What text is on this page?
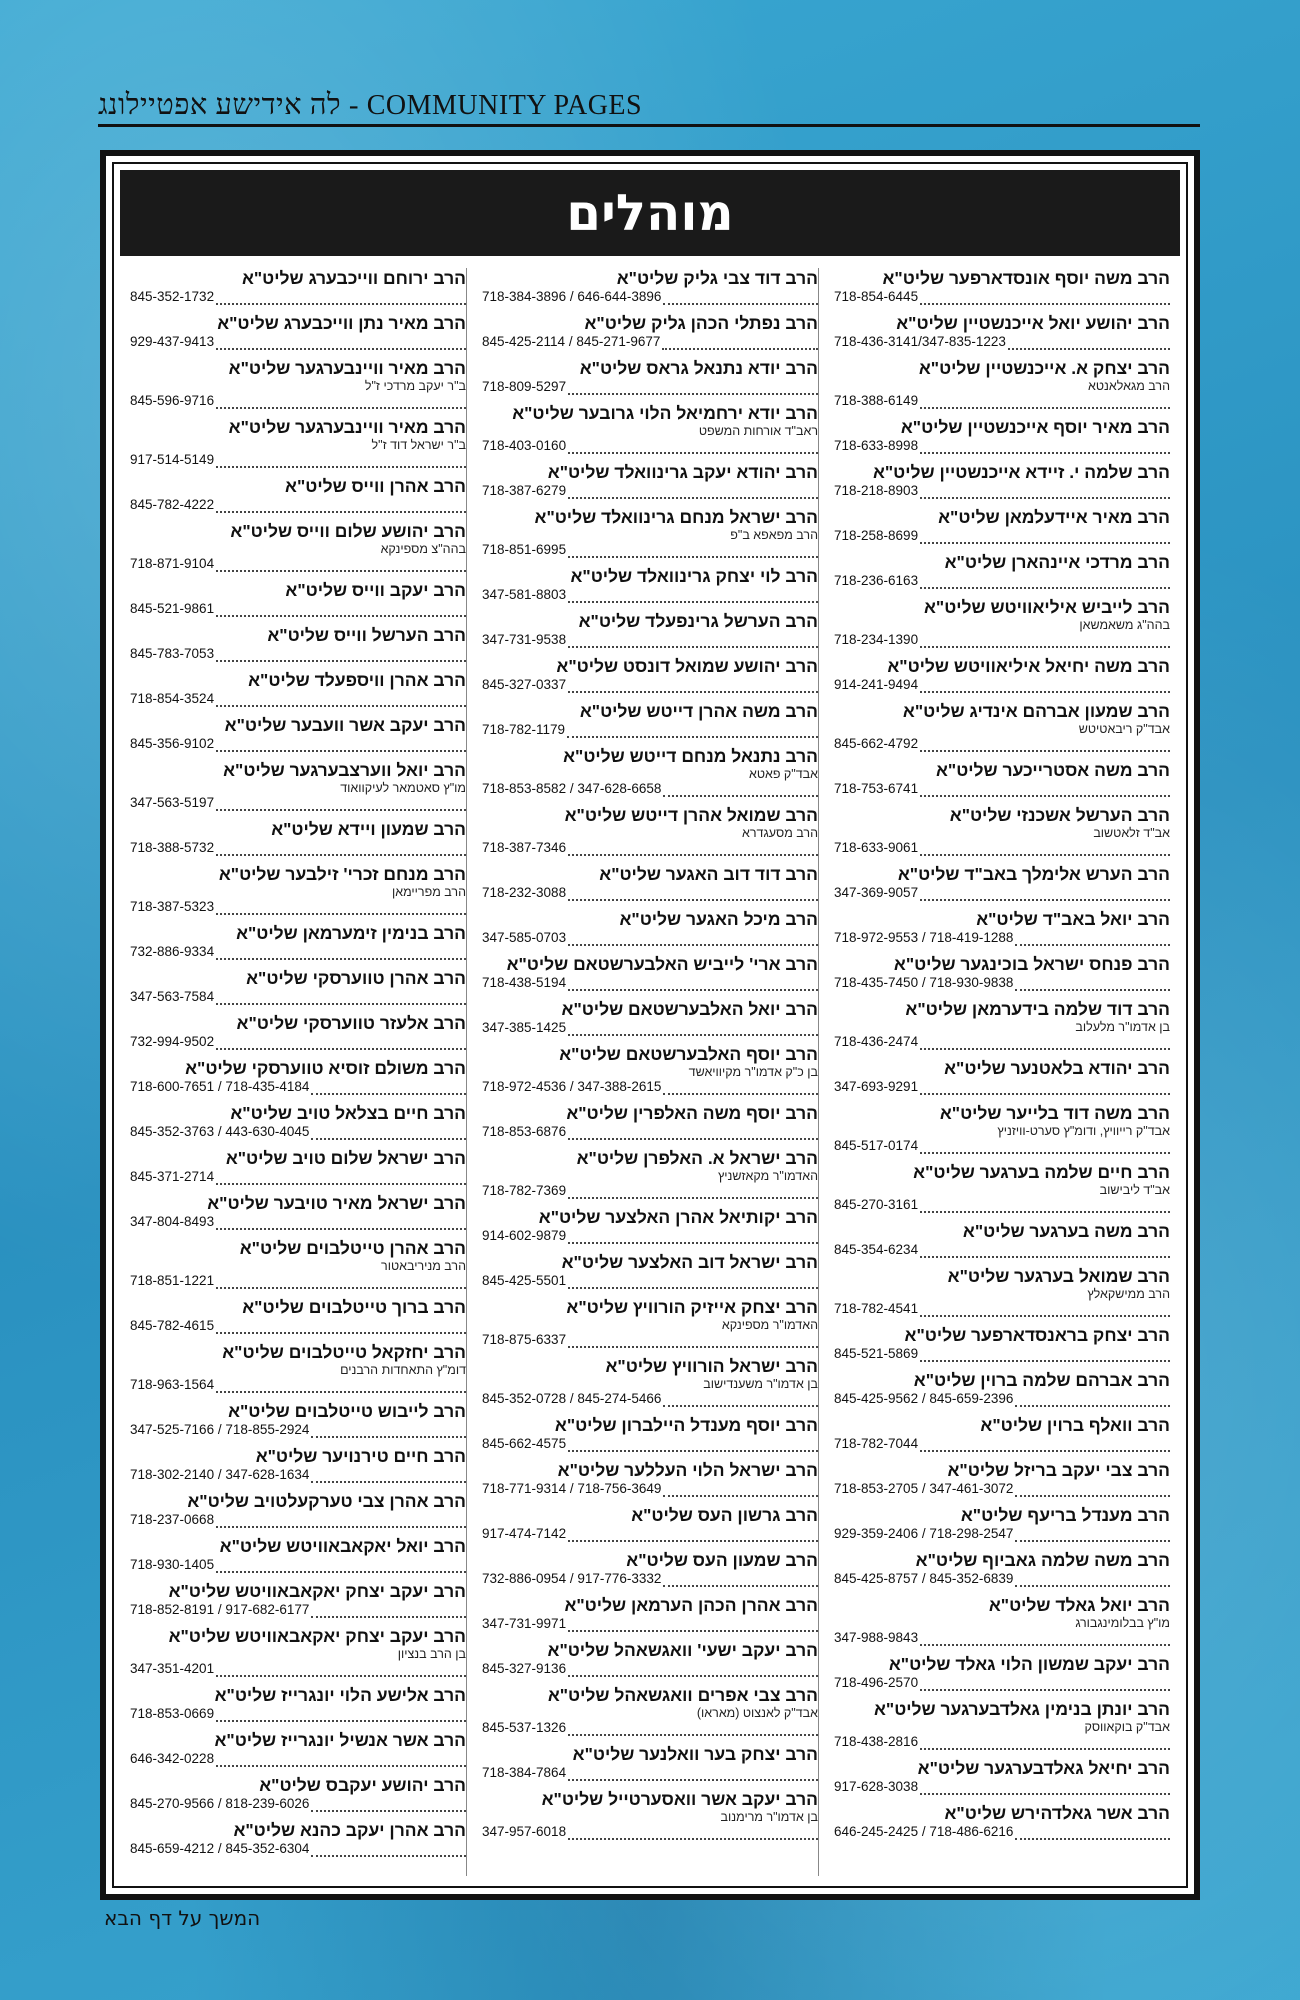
לה אידישע אפטיילונג - COMMUNITY PAGES
מוהלים
הרב משה יוסף אונסדארפער שליט"א
718-854-6445
הרב יהושע יואל אייכנשטיין שליט"א
718-436-3141/347-835-1223
הרב יצחק א. אייכנשטיין שליט"א
הרב מגאלאנטא
718-388-6149
הרב מאיר יוסף אייכנשטיין שליט"א
718-633-8998
הרב שלמה י. זיידא אייכנשטיין שליט"א
718-218-8903
הרב מאיר איידעלמאן שליט"א
718-258-8699
הרב מרדכי איינהארן שליט"א
718-236-6163
הרב לייביש איליאוויטש שליט"א
בהה"ג משאמשאן
718-234-1390
הרב משה יחיאל איליאוויטש שליט"א
914-241-9494
הרב שמעון אברהם אינדיג שליט"א
אבד"ק ריבאטיטש
845-662-4792
הרב משה אסטרייכער שליט"א
718-753-6741
הרב הערשל אשכנזי שליט"א
אב"ד זלאטשוב
718-633-9061
הרב הערש אלימלך באב"ד שליט"א
347-369-9057
הרב יואל באב"ד שליט"א
718-972-9553 / 718-419-1288
הרב פנחס ישראל בוכינגער שליט"א
718-435-7450 / 718-930-9838
הרב דוד שלמה בידערמאן שליט"א
בן אדמו"ר מלעלוב
718-436-2474
הרב יהודא בלאטנער שליט"א
347-693-9291
הרב משה דוד בלייער שליט"א
אבד"ק רייוויץ, ודומ"ץ סערט-וויזניץ
845-517-0174
הרב חיים שלמה בערגער שליט"א
אב"ד ליבישוב
845-270-3161
הרב משה בערגער שליט"א
845-354-6234
הרב שמואל בערגער שליט"א
הרב ממישקאלץ
718-782-4541
הרב יצחק בראנסדארפער שליט"א
845-521-5869
הרב אברהם שלמה ברוין שליט"א
845-425-9562 / 845-659-2396
הרב וואלף ברוין שליט"א
718-782-7044
הרב צבי יעקב בריזל שליט"א
718-853-2705 / 347-461-3072
הרב מענדל בריעף שליט"א
929-359-2406 / 718-298-2547
הרב משה שלמה גאביוף שליט"א
845-425-8757 / 845-352-6839
הרב יואל גאלד שליט"א
מו"ץ בבלומינגבורג
347-988-9843
הרב יעקב שמשון הלוי גאלד שליט"א
718-496-2570
הרב יונתן בנימין גאלדבערגער שליט"א
אבד"ק בוקאווסק
718-438-2816
הרב יחיאל גאלדבערגער שליט"א
917-628-3038
הרב אשר גאלדהירש שליט"א
646-245-2425 / 718-486-6216
הרב דוד צבי גליק שליט"א
718-384-3896 / 646-644-3896
הרב נפתלי הכהן גליק שליט"א
845-425-2114 / 845-271-9677
הרב יודא נתנאל גראס שליט"א
718-809-5297
הרב יודא ירחמיאל הלוי גרובער שליט"א
ראב"ד אורחות המשפט
718-403-0160
הרב יהודא יעקב גרינוואלד שליט"א
718-387-6279
הרב ישראל מנחם גרינוואלד שליט"א
הרב מפאפא ב"פ
718-851-6995
הרב לוי יצחק גרינוואלד שליט"א
347-581-8803
הרב הערשל גרינפעלד שליט"א
347-731-9538
הרב יהושע שמואל דונסט שליט"א
845-327-0337
הרב משה אהרן דייטש שליט"א
718-782-1179
הרב נתנאל מנחם דייטש שליט"א
אבד"ק פאטא
718-853-8582 / 347-628-6658
הרב שמואל אהרן דייטש שליט"א
הרב מסעגדרא
718-387-7346
הרב דוד דוב האגער שליט"א
718-232-3088
הרב מיכל האגער שליט"א
347-585-0703
הרב ארי' לייביש האלבערשטאם שליט"א
718-438-5194
הרב יואל האלבערשטאם שליט"א
347-385-1425
הרב יוסף האלבערשטאם שליט"א
בן כ"ק אדמו"ר מקיוויאשד
718-972-4536 / 347-388-2615
הרב יוסף משה האלפרין שליט"א
718-853-6876
הרב ישראל א. האלפרן שליט"א
האדמו"ר מקאזשניץ
718-782-7369
הרב יקותיאל אהרן האלצער שליט"א
914-602-9879
הרב ישראל דוב האלצער שליט"א
845-425-5501
הרב יצחק אייזיק הורוויץ שליט"א
האדמו"ר מספינקא
718-875-6337
הרב ישראל הורוויץ שליט"א
בן אדמו"ר משענדישוב
845-352-0728 / 845-274-5466
הרב יוסף מענדל היילברון שליט"א
845-662-4575
הרב ישראל הלוי העללער שליט"א
718-771-9314 / 718-756-3649
הרב גרשון העס שליט"א
917-474-7142
הרב שמעון העס שליט"א
732-886-0954 / 917-776-3332
הרב אהרן הכהן הערמאן שליט"א
347-731-9971
הרב יעקב ישעי' וואגשאהל שליט"א
845-327-9136
הרב צבי אפרים וואגשאהל שליט"א
אבד"ק לאנצוט (מאראו)
845-537-1326
הרב יצחק בער וואלנער שליט"א
718-384-7864
הרב יעקב אשר וואסערטייל שליט"א
בן אדמו"ר מרימנוב
347-957-6018
הרב ירוחם ווייכבערג שליט"א
845-352-1732
הרב מאיר נתן ווייכבערג שליט"א
929-437-9413
הרב מאיר וויינבערגער שליט"א
ב"ר יעקב מרדכי ז"ל
845-596-9716
הרב מאיר וויינבערגער שליט"א
ב"ר ישראל דוד ז"ל
917-514-5149
הרב אהרן ווייס שליט"א
845-782-4222
הרב יהושע שלום ווייס שליט"א
בהה"צ מספינקא
718-871-9104
הרב יעקב ווייס שליט"א
845-521-9861
הרב הערשל ווייס שליט"א
845-783-7053
הרב אהרן וויספעלד שליט"א
718-854-3524
הרב יעקב אשר וועבער שליט"א
845-356-9102
הרב יואל ווערצבערגער שליט"א
מו"ץ סאטמאר לעיקוואוד
347-563-5197
הרב שמעון ויידא שליט"א
718-388-5732
הרב מנחם זכרי' זילבער שליט"א
הרב מפריימאן
718-387-5323
הרב בנימין זימערמאן שליט"א
732-886-9334
הרב אהרן טווערסקי שליט"א
347-563-7584
הרב אלעזר טווערסקי שליט"א
732-994-9502
הרב משולם זוסיא טווערסקי שליט"א
718-600-7651 / 718-435-4184
הרב חיים בצלאל טויב שליט"א
845-352-3763 / 443-630-4045
הרב ישראל שלום טויב שליט"א
845-371-2714
הרב ישראל מאיר טויבער שליט"א
347-804-8493
הרב אהרן טייטלבוים שליט"א
הרב מניריבאטור
718-851-1221
הרב ברוך טייטלבוים שליט"א
845-782-4615
הרב יחזקאל טייטלבוים שליט"א
דומ"ץ התאחדות הרבנים
718-963-1564
הרב לייבוש טייטלבוים שליט"א
347-525-7166 / 718-855-2924
הרב חיים טירנויער שליט"א
718-302-2140 / 347-628-1634
הרב אהרן צבי טערקעלטויב שליט"א
718-237-0668
הרב יואל יאקאבאוויטש שליט"א
718-930-1405
הרב יעקב יצחק יאקאבאוויטש שליט"א
718-852-8191 / 917-682-6177
הרב יעקב יצחק יאקאבאוויטש שליט"א
בן הרב בנציון
347-351-4201
הרב אלישע הלוי יונגרייז שליט"א
718-853-0669
הרב אשר אנשיל יונגרייז שליט"א
646-342-0228
הרב יהושע יעקבס שליט"א
845-270-9566 / 818-239-6026
הרב אהרן יעקב כהנא שליט"א
845-659-4212 / 845-352-6304
המשך על דף הבא
